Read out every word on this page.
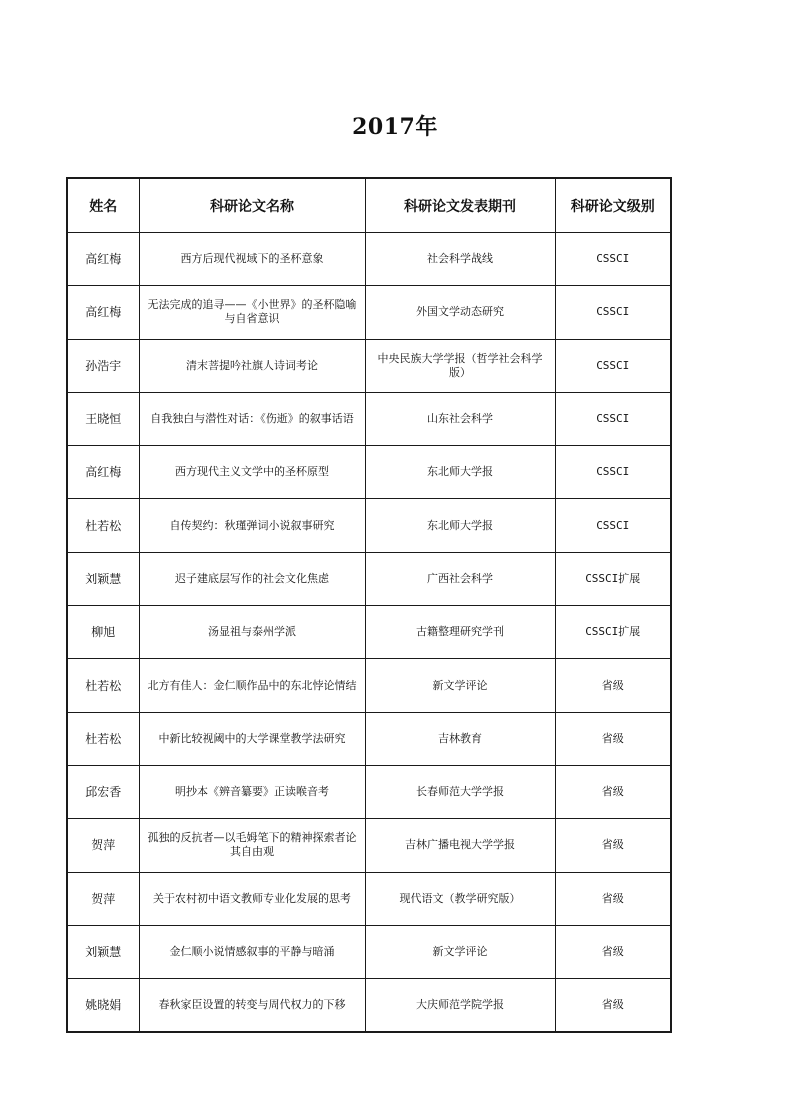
2017年
姓名	科研论文名称	科研论文发表期刊	科研论文级别
高红梅	西方后现代视域下的圣杯意象	社会科学战线	CSSCI
高红梅	无法完成的追寻——《小世界》的圣杯隐喻与自省意识	外国文学动态研究	CSSCI
孙浩宇	清末菩提吟社旗人诗词考论	中央民族大学学报（哲学社会科学版）	CSSCI
王晓恒	自我独白与潜性对话：《伤逝》的叙事话语	山东社会科学	CSSCI
高红梅	西方现代主义文学中的圣杯原型	东北师大学报	CSSCI
杜若松	自传契约：秋瑾弹词小说叙事研究	东北师大学报	CSSCI
刘颖慧	迟子建底层写作的社会文化焦虑	广西社会科学	CSSCI扩展
柳旭	汤显祖与泰州学派	古籍整理研究学刊	CSSCI扩展
杜若松	北方有佳人：金仁顺作品中的东北悖论情结	新文学评论	省级
杜若松	中新比较视阈中的大学课堂教学法研究	吉林教育	省级
邱宏香	明抄本《辨音纂要》正读喉音考	长春师范大学学报	省级
贺萍	孤独的反抗者—以毛姆笔下的精神探索者论其自由观	吉林广播电视大学学报	省级
贺萍	关于农村初中语文教师专业化发展的思考	现代语文（教学研究版）	省级
刘颖慧	金仁顺小说情感叙事的平静与暗涌	新文学评论	省级
姚晓娟	春秋家臣设置的转变与周代权力的下移	大庆师范学院学报	省级
